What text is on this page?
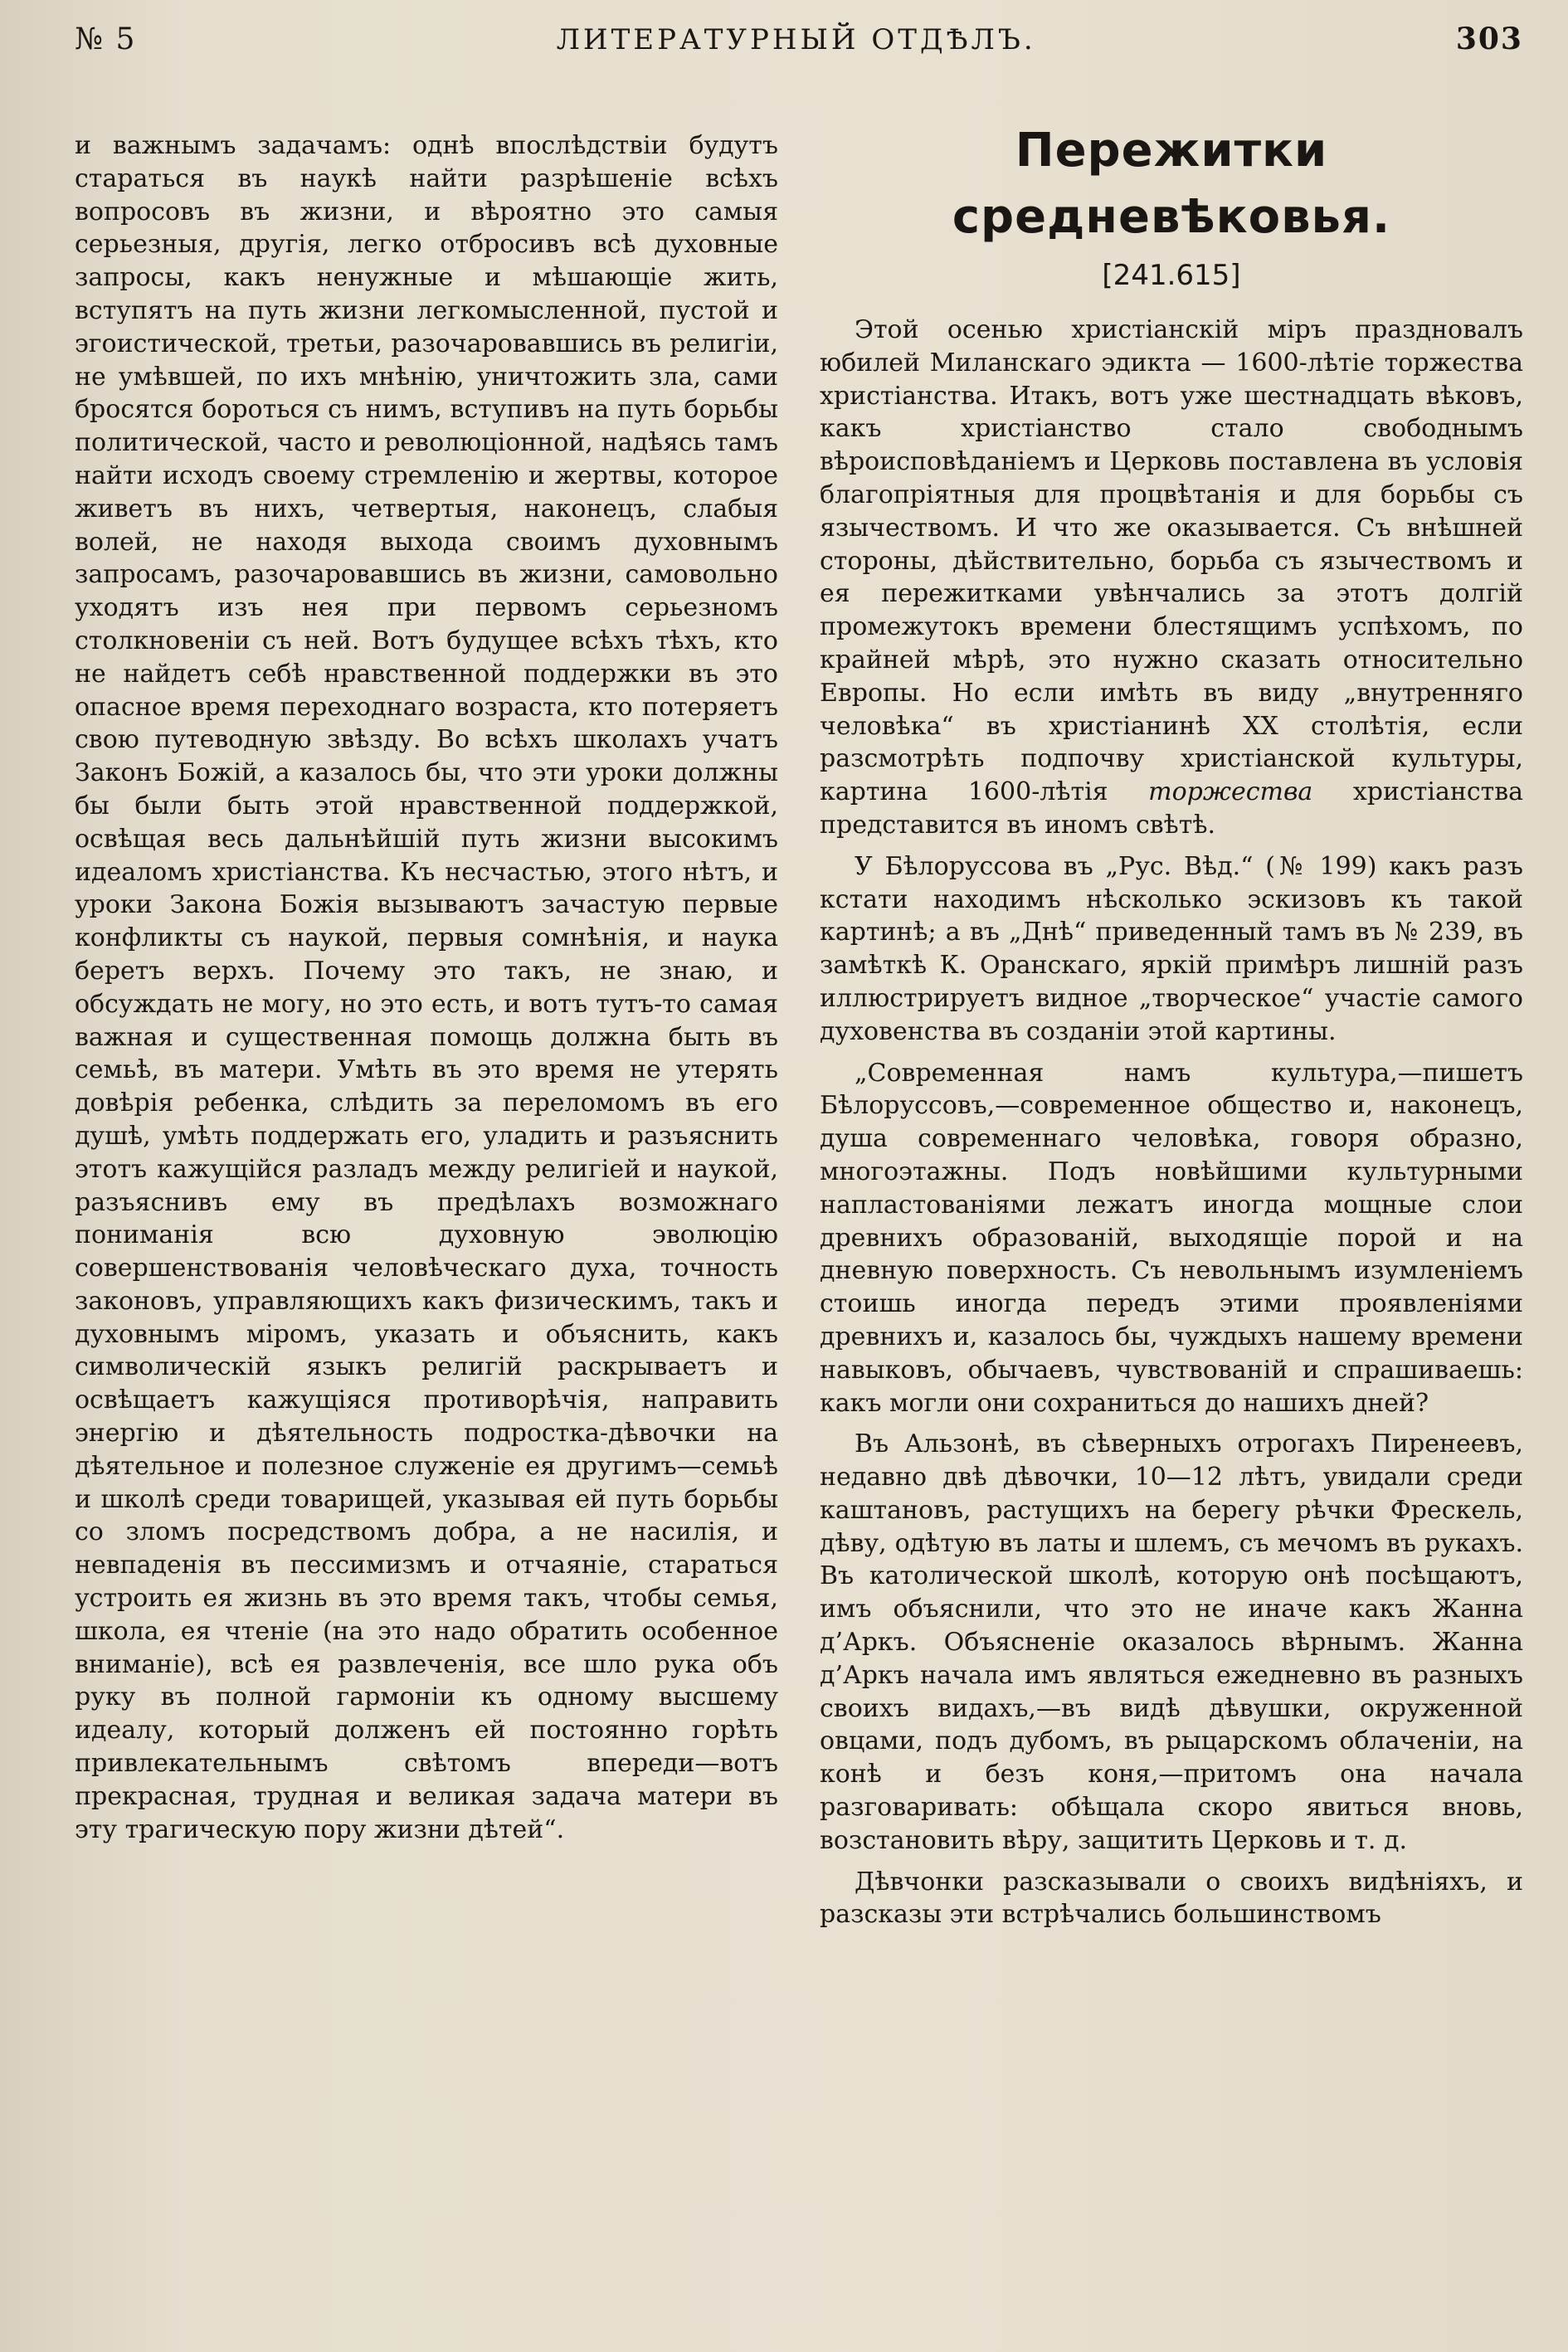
№ 5	ЛИТЕРАТУРНЫЙ ОТДѢЛЪ.	303

и важнымъ задачамъ: однѣ впослѣдствіи будутъ стараться въ наукѣ найти разрѣшеніе всѣхъ вопросовъ въ жизни, и вѣроятно это самыя серьезныя, другія, легко отбросивъ всѣ духовные запросы, какъ ненужные и мѣшающіе жить, вступятъ на путь жизни легкомысленной, пустой и эгоистической, третьи, разочаровавшись въ религіи, не умѣвшей, по ихъ мнѣнію, уничтожить зла, сами бросятся бороться съ нимъ, вступивъ на путь борьбы политической, часто и революціонной, надѣясь тамъ найти исходъ своему стремленію и жертвы, которое живетъ въ нихъ, четвертыя, наконецъ, слабыя волей, не находя выхода своимъ духовнымъ запросамъ, разочаровавшись въ жизни, самовольно уходятъ изъ нея при первомъ серьезномъ столкновеніи съ ней. Вотъ будущее всѣхъ тѣхъ, кто не найдетъ себѣ нравственной поддержки въ это опасное время переходнаго возраста, кто потеряетъ свою путеводную звѣзду. Во всѣхъ школахъ учатъ Законъ Божій, а казалось бы, что эти уроки должны бы были быть этой нравственной поддержкой, освѣщая весь дальнѣйшій путь жизни высокимъ идеаломъ христіанства. Къ несчастью, этого нѣтъ, и уроки Закона Божія вызываютъ зачастую первые конфликты съ наукой, первыя сомнѣнія, и наука беретъ верхъ. Почему это такъ, не знаю, и обсуждать не могу, но это есть, и вотъ тутъ-то самая важная и существенная помощь должна быть въ семьѣ, въ матери. Умѣть въ это время не утерять довѣрія ребенка, слѣдить за переломомъ въ его душѣ, умѣть поддержать его, уладить и разъяснить этотъ кажущійся разладъ между религіей и наукой, разъяснивъ ему въ предѣлахъ возможнаго пониманія всю духовную эволюцію совершенствованія человѣческаго духа, точность законовъ, управляющихъ какъ физическимъ, такъ и духовнымъ міромъ, указать и объяснить, какъ символическій языкъ религій раскрываетъ и освѣщаетъ кажущіяся противорѣчія, направить энергію и дѣятельность подростка-дѣвочки на дѣятельное и полезное служеніе ея другимъ—семьѣ и школѣ среди товарищей, указывая ей путь борьбы со зломъ посредствомъ добра, а не насилія, и невпаденія въ пессимизмъ и отчаяніе, стараться устроить ея жизнь въ это время такъ, чтобы семья, школа, ея чтеніе (на это надо обратить особенное вниманіе), всѣ ея развлеченія, все шло рука объ руку въ полной гармоніи къ одному высшему идеалу, который долженъ ей постоянно горѣть привлекательнымъ свѣтомъ впереди—вотъ прекрасная, трудная и великая задача матери въ эту трагическую пору жизни дѣтей“.

Пережитки средневѣковья.
[241.615]

Этой осенью христіанскій міръ праздновалъ юбилей Миланскаго эдикта — 1600-лѣтіе торжества христіанства. Итакъ, вотъ уже шестнадцать вѣковъ, какъ христіанство стало свободнымъ вѣроисповѣданіемъ и Церковь поставлена въ условія благопріятныя для процвѣтанія и для борьбы съ язычествомъ. И что же оказывается. Съ внѣшней стороны, дѣйствительно, борьба съ язычествомъ и ея пережитками увѣнчались за этотъ долгій промежутокъ времени блестящимъ успѣхомъ, по крайней мѣрѣ, это нужно сказать относительно Европы. Но если имѣть въ виду „внутренняго человѣка“ въ христіанинѣ XX столѣтія, если разсмотрѣть подпочву христіанской культуры, картина 1600-лѣтія торжества христіанства представится въ иномъ свѣтѣ.

У Бѣлоруссова въ „Рус. Вѣд.“ (№ 199) какъ разъ кстати находимъ нѣсколько эскизовъ къ такой картинѣ; а въ „Днѣ“ приведенный тамъ въ № 239, въ замѣткѣ К. Оранскаго, яркій примѣръ лишній разъ иллюстрируетъ видное „творческое“ участіе самого духовенства въ созданіи этой картины.

„Современная намъ культура,—пишетъ Бѣлоруссовъ,—современное общество и, наконецъ, душа современнаго человѣка, говоря образно, многоэтажны. Подъ новѣйшими культурными напластованіями лежатъ иногда мощные слои древнихъ образованій, выходящіе порой и на дневную поверхность. Съ невольнымъ изумленіемъ стоишь иногда передъ этими проявленіями древнихъ и, казалось бы, чуждыхъ нашему времени навыковъ, обычаевъ, чувствованій и спрашиваешь: какъ могли они сохраниться до нашихъ дней?

Въ Альзонѣ, въ сѣверныхъ отрогахъ Пиренеевъ, недавно двѣ дѣвочки, 10—12 лѣтъ, увидали среди каштановъ, растущихъ на берегу рѣчки Фрескель, дѣву, одѣтую въ латы и шлемъ, съ мечомъ въ рукахъ. Въ католической школѣ, которую онѣ посѣщаютъ, имъ объяснили, что это не иначе какъ Жанна д’Аркъ. Объясненіе оказалось вѣрнымъ. Жанна д’Аркъ начала имъ являться ежедневно въ разныхъ своихъ видахъ,—въ видѣ дѣвушки, окруженной овцами, подъ дубомъ, въ рыцарскомъ облаченіи, на конѣ и безъ коня,—притомъ она начала разговаривать: обѣщала скоро явиться вновь, возстановить вѣру, защитить Церковь и т. д.

Дѣвчонки разсказывали о своихъ видѣніяхъ, и разсказы эти встрѣчались большинствомъ
